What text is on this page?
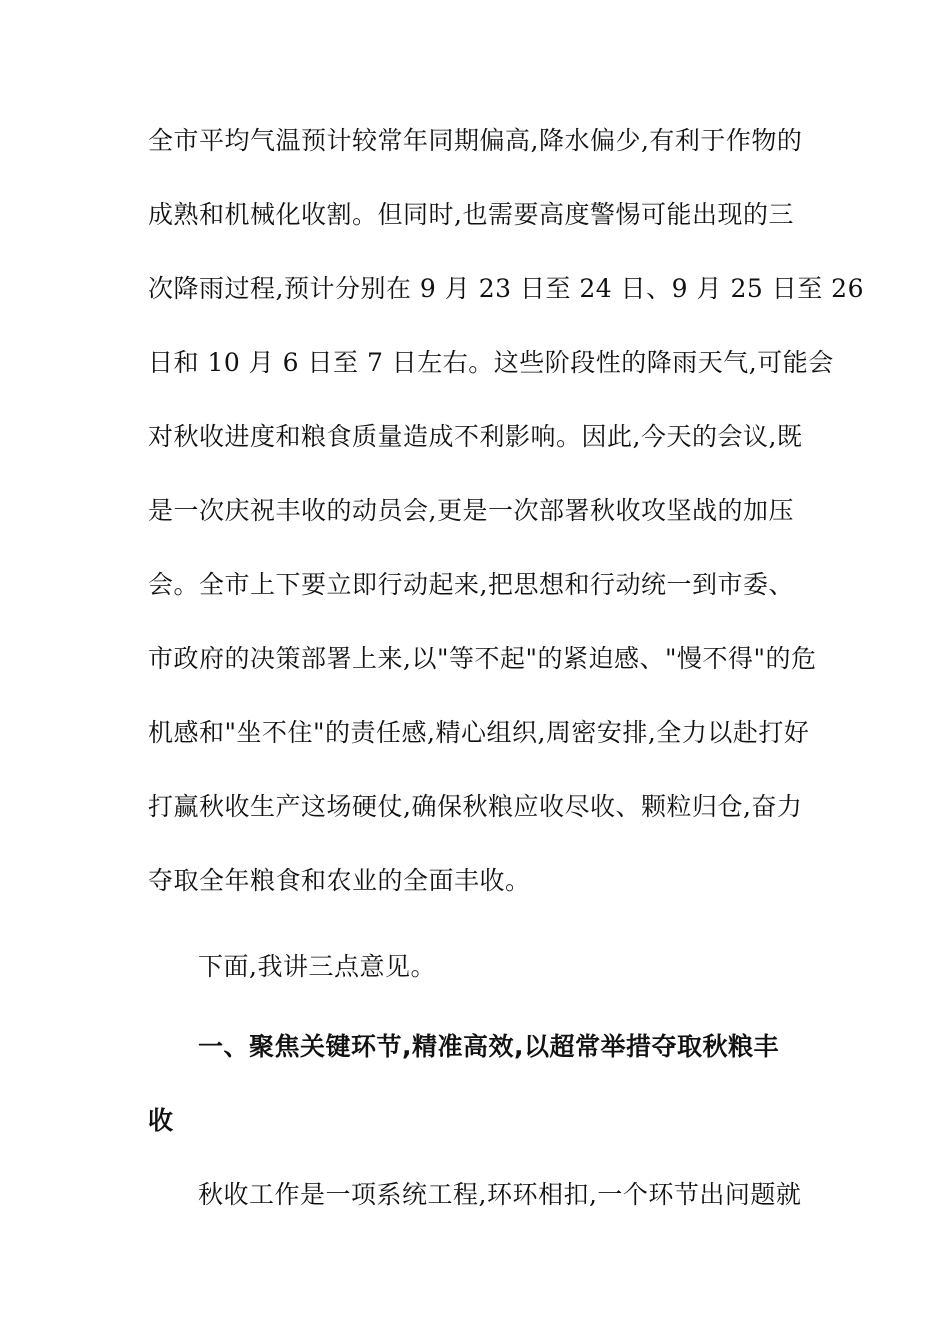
全市平均气温预计较常年同期偏高,降水偏少,有利于作物的
成熟和机械化收割。但同时,也需要高度警惕可能出现的三
次降雨过程,预计分别在 9 月 23 日至 24 日、9 月 25 日至 26
日和 10 月 6 日至 7 日左右。这些阶段性的降雨天气,可能会
对秋收进度和粮食质量造成不利影响。因此,今天的会议,既
是一次庆祝丰收的动员会,更是一次部署秋收攻坚战的加压
会。全市上下要立即行动起来,把思想和行动统一到市委、
市政府的决策部署上来,以"等不起"的紧迫感、"慢不得"的危
机感和"坐不住"的责任感,精心组织,周密安排,全力以赴打好
打赢秋收生产这场硬仗,确保秋粮应收尽收、颗粒归仓,奋力
夺取全年粮食和农业的全面丰收。
下面,我讲三点意见。
一、聚焦关键环节,精准高效,以超常举措夺取秋粮丰
收
秋收工作是一项系统工程,环环相扣,一个环节出问题就
